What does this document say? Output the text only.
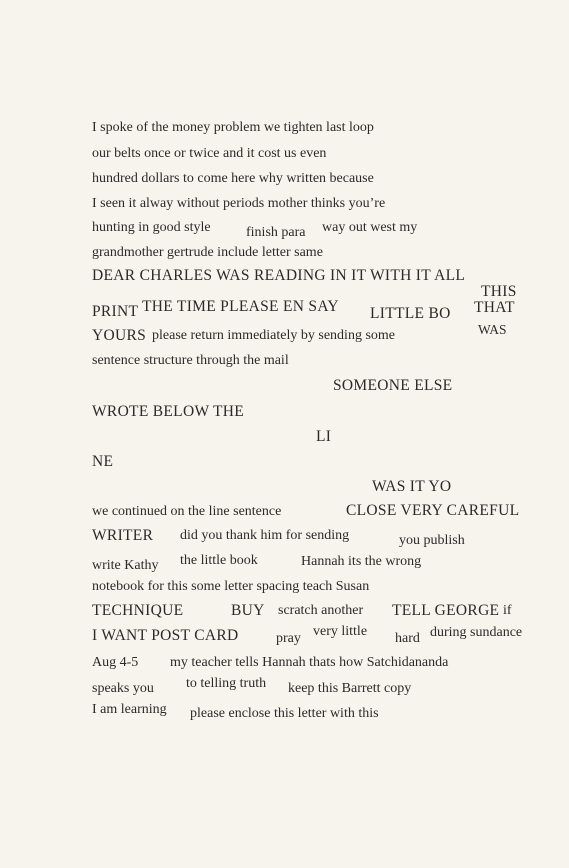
I spoke of the money problem we tighten last loop
our belts once or twice and it cost us even
hundred dollars to come here why written because
I seen it alway without periods mother thinks you’re
hunting in good style	finish para way out west my
grandmother gertrude include letter same
DEAR CHARLES WAS READING IN IT WITH IT ALL
THIS
PRINT THE TIME PLEASE EN SAY LITTLE BO THAT
YOURS please return immediately by sending some	WAS
sentence structure through the mail
SOMEONE ELSE
WROTE BELOW THE
LI
NE
WAS IT YO
we continued on the line sentence	CLOSE VERY CAREFUL
WRITER did you thank him for sending	you publish
write Kathy the little book	Hannah its the wrong
notebook for this some letter spacing teach Susan
TECHNIQUE	BUY scratch another TELL GEORGE if
I WANT POST CARD	pray very little hard during sundance
Aug 4-5 my teacher tells Hannah thats how Satchidananda
speaks you to telling truth keep this Barrett copy
I am learning please enclose this letter with this
